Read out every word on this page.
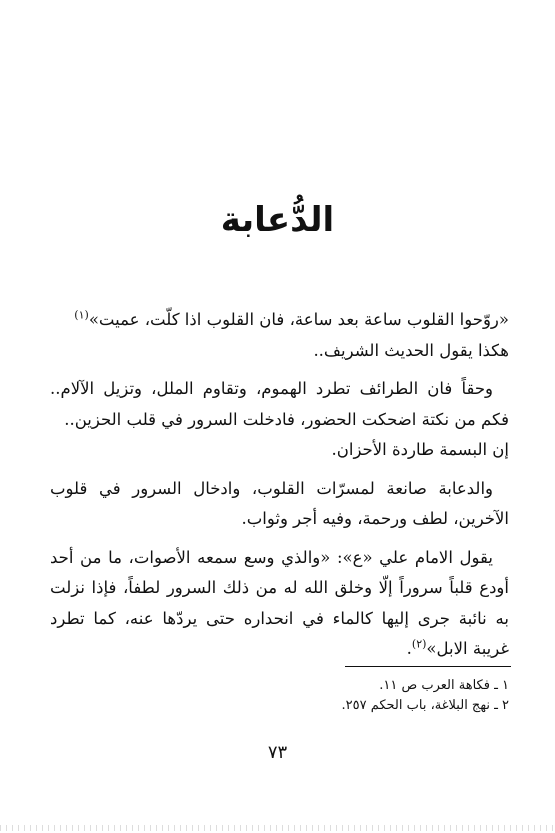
الدُّعابة

«روّحوا القلوب ساعة بعد ساعة، فان القلوب اذا كلّت، عميت»$^{(١)}$

هكذا يقول الحديث الشريف..

وحقاً فان الطرائف تطرد الهموم، وتقاوم الملل، وتزيل الآلام.. فكم من نكتة اضحكت الحضور، فادخلت السرور في قلب الحزين..

إن البسمة طاردة الأحزان.

والدعابة صانعة لمسرّات القلوب، وادخال السرور في قلوب الآخرين، لطف ورحمة، وفيه أجر وثواب.

يقول الامام علي «ع»: «والذي وسع سمعه الأصوات، ما من أحد أودع قلباً سروراً إلّا وخلق الله له من ذلك السرور لطفاً، فإذا نزلت به نائبة جرى إليها كالماء في انحداره حتى يردّها عنه، كما تطرد غريبة الابل»$^{(٢)}$.

١ ـ فكاهة العرب ص ١١.
٢ ـ نهج البلاغة، باب الحكم ٢٥٧.
٧٣
